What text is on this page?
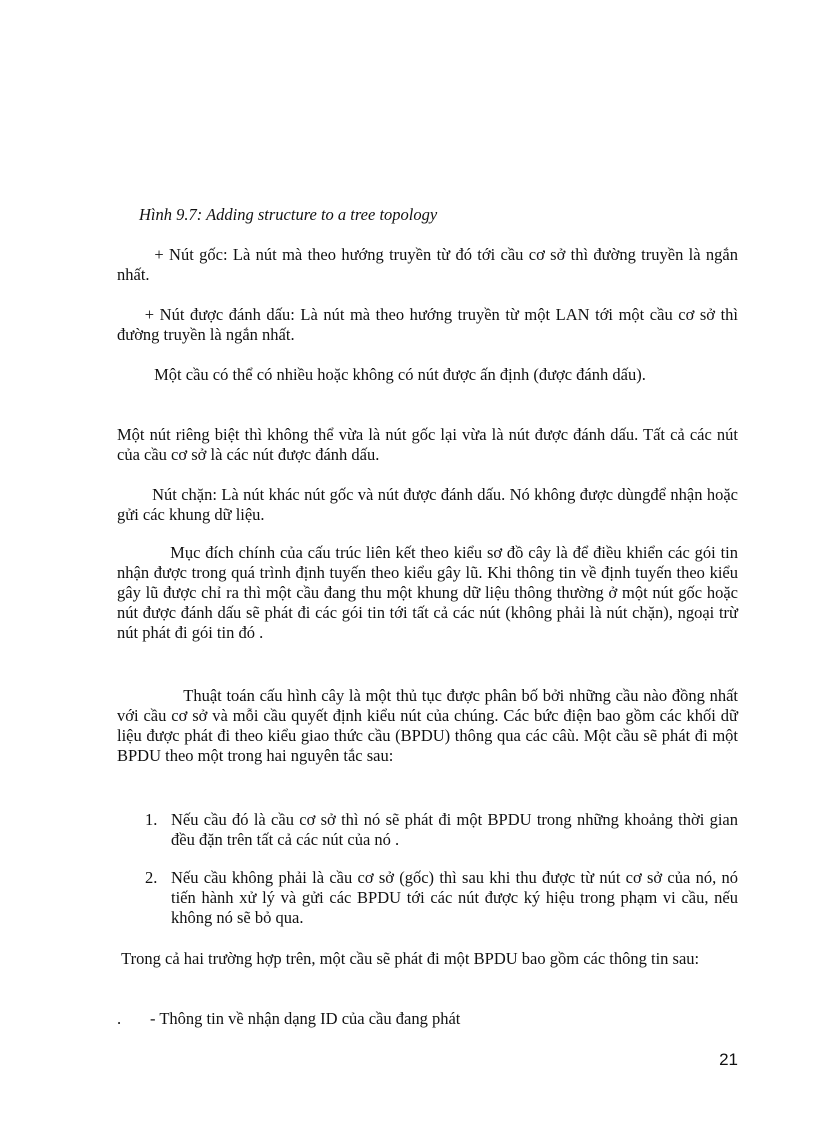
Hình 9.7: Adding structure to a tree topology

+ Nút gốc: Là nút mà theo hướng truyền từ đó tới cầu cơ sở thì đường truyền là ngắn nhất.

+ Nút được đánh dấu: Là nút mà theo hướng truyền từ một LAN tới một cầu cơ sở thì đường truyền là ngắn nhất.

Một cầu có thể có nhiều hoặc không có nút được ấn định (được đánh dấu).

Một nút riêng biệt thì không thể vừa là nút gốc lại vừa là nút được đánh dấu. Tất cả các nút của cầu cơ sở là các nút được đánh dấu.

Nút chặn: Là nút khác nút gốc và nút được đánh dấu. Nó không được dùngđể nhận hoặc gửi các khung dữ liệu.

Mục đích chính của cấu trúc liên kết theo kiểu sơ đồ cây là để điều khiển các gói tin nhận được trong quá trình định tuyến theo kiểu gây lũ. Khi thông tin về định tuyến theo kiểu gây lũ được chỉ ra thì một cầu đang thu một khung dữ liệu thông thường ở một nút gốc hoặc nút được đánh dấu sẽ phát đi các gói tin tới tất cả các nút (không phải là nút chặn), ngoại trừ nút phát đi gói tin đó .

Thuật toán cấu hình cây là một thủ tục được phân bố bởi những cầu nào đồng nhất với cầu cơ sở và mỗi cầu quyết định kiểu nút của chúng. Các bức điện bao gồm các khối dữ liệu được phát đi theo kiểu giao thức cầu (BPDU) thông qua các câù. Một cầu sẽ phát đi một BPDU theo một trong hai nguyên tắc sau:

1. Nếu cầu đó là cầu cơ sở thì nó sẽ phát đi một BPDU trong những khoảng thời gian đều đặn trên tất cả các nút của nó .
2. Nếu cầu không phải là cầu cơ sở (gốc) thì sau khi thu được từ nút cơ sở của nó, nó tiến hành xử lý và gửi các BPDU tới các nút được ký hiệu trong phạm vi cầu, nếu không nó sẽ bỏ qua.

Trong cả hai trường hợp trên, một cầu sẽ phát đi một BPDU bao gồm các thông tin sau:

. - Thông tin về nhận dạng ID của cầu đang phát

21
